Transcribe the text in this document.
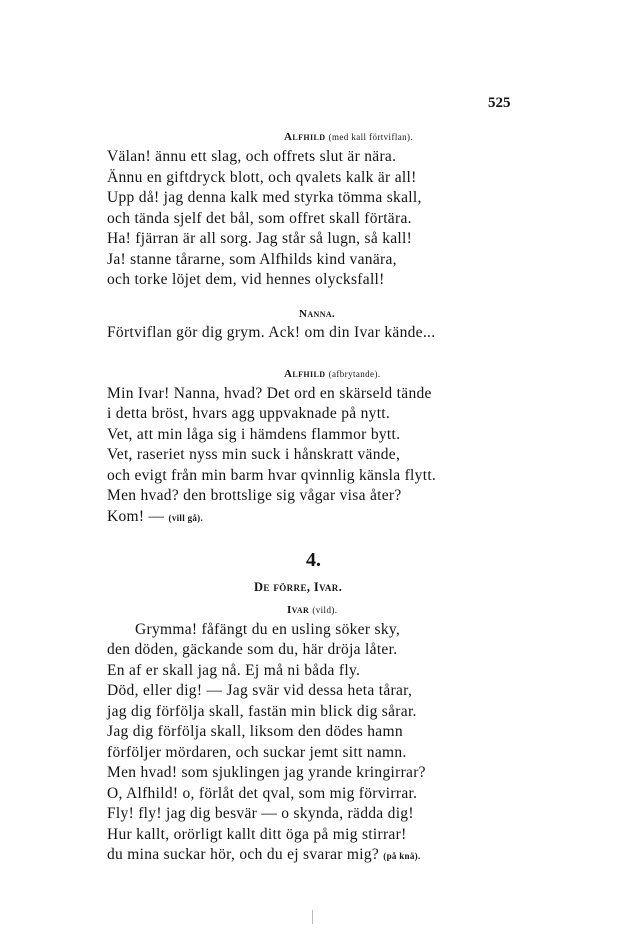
525
Alfhild (med kall förtviflan).
Välan! ännu ett slag, och offrets slut är nära.
Ännu en giftdryck blott, och qvalets kalk är all!
Upp då! jag denna kalk med styrka tömma skall,
och tända sjelf det bål, som offret skall förtära.
Ha! fjärran är all sorg. Jag står så lugn, så kall!
Ja! stanne tårarne, som Alfhilds kind vanära,
och torke löjet dem, vid hennes olycksfall!
Nanna.
Förtviflan gör dig grym. Ack! om din Ivar kände...
Alfhild (afbrytande).
Min Ivar! Nanna, hvad? Det ord en skärseld tände
i detta bröst, hvars agg uppvaknade på nytt.
Vet, att min låga sig i hämdens flammor bytt.
Vet, raseriet nyss min suck i hånskratt vände,
och evigt från min barm hvar qvinnlig känsla flytt.
Men hvad? den brottslige sig vågar visa åter?
Kom! — (vill gå).
4.
De förre, Ivar.
Ivar (vild).
Grymma! fåfängt du en usling söker sky,
den döden, gäckande som du, här dröja låter.
En af er skall jag nå. Ej må ni båda fly.
Död, eller dig! — Jag svär vid dessa heta tårar,
jag dig förfölja skall, fastän min blick dig sårar.
Jag dig förfölja skall, liksom den dödes hamn
förföljer mördaren, och suckar jemt sitt namn.
Men hvad! som sjuklingen jag yrande kringirrar?
O, Alfhild! o, förlåt det qval, som mig förvirrar.
Fly! fly! jag dig besvär — o skynda, rädda dig!
Hur kallt, orörligt kallt ditt öga på mig stirrar!
du mina suckar hör, och du ej svarar mig? (på knä).
